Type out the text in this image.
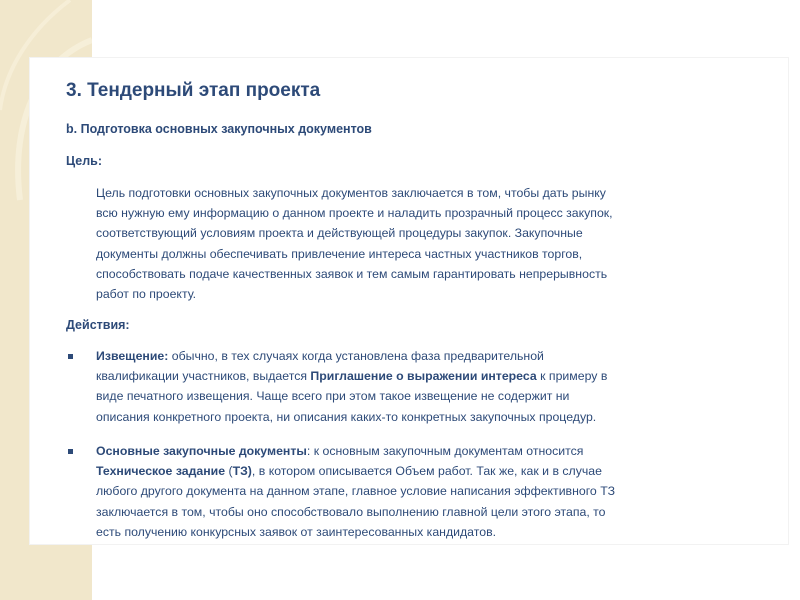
3. Тендерный этап проекта
b. Подготовка основных закупочных документов
Цель:
Цель подготовки основных закупочных документов заключается в том, чтобы дать рынку
всю нужную ему информацию о данном проекте и наладить прозрачный процесс закупок,
соответствующий условиям проекта и действующей процедуры закупок. Закупочные
документы должны обеспечивать привлечение интереса частных участников торгов,
способствовать подаче качественных заявок и тем самым гарантировать непрерывность
работ по проекту.
Действия:
Извещение: обычно, в тех случаях когда установлена фаза предварительной
квалификации участников, выдается Приглашение о выражении интереса к примеру в
виде печатного извещения. Чаще всего при этом такое извещение не содержит ни
описания конкретного проекта, ни описания каких-то конкретных закупочных процедур.
Основные закупочные документы: к основным закупочным документам относится
Техническое задание (ТЗ), в котором описывается Объем работ. Так же, как и в случае
любого другого документа на данном этапе, главное условие написания эффективного ТЗ
заключается в том, чтобы оно способствовало выполнению главной цели этого этапа, то
есть получению конкурсных заявок от заинтересованных кандидатов.
